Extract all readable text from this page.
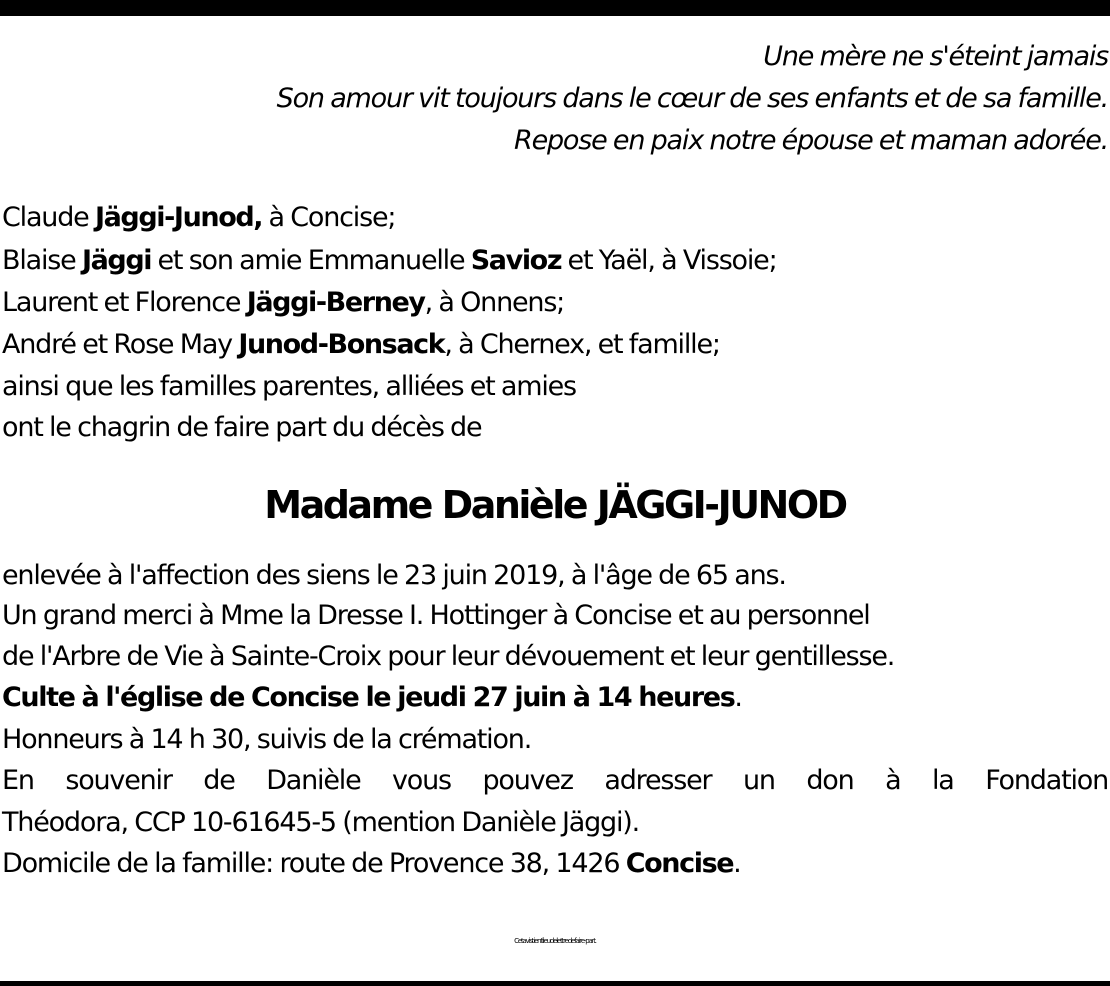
Une mère ne s'éteint jamais
Son amour vit toujours dans le cœur de ses enfants et de sa famille.
Repose en paix notre épouse et maman adorée.
Claude Jäggi-Junod, à Concise;
Blaise Jäggi et son amie Emmanuelle Savioz et Yaël, à Vissoie;
Laurent et Florence Jäggi-Berney, à Onnens;
André et Rose May Junod-Bonsack, à Chernex, et famille;
ainsi que les familles parentes, alliées et amies
ont le chagrin de faire part du décès de
Madame Danièle JÄGGI-JUNOD
enlevée à l'affection des siens le 23 juin 2019, à l'âge de 65 ans.
Un grand merci à Mme la Dresse I. Hottinger à Concise et au personnel
de l'Arbre de Vie à Sainte-Croix pour leur dévouement et leur gentillesse.
Culte à l'église de Concise le jeudi 27 juin à 14 heures.
Honneurs à 14 h 30, suivis de la crémation.
En souvenir de Danièle vous pouvez adresser un don à la Fondation
Théodora, CCP 10-61645-5 (mention Danièle Jäggi).
Domicile de la famille: route de Provence 38, 1426 Concise.
Cet avis tient lieu de lettre de faire-part.
